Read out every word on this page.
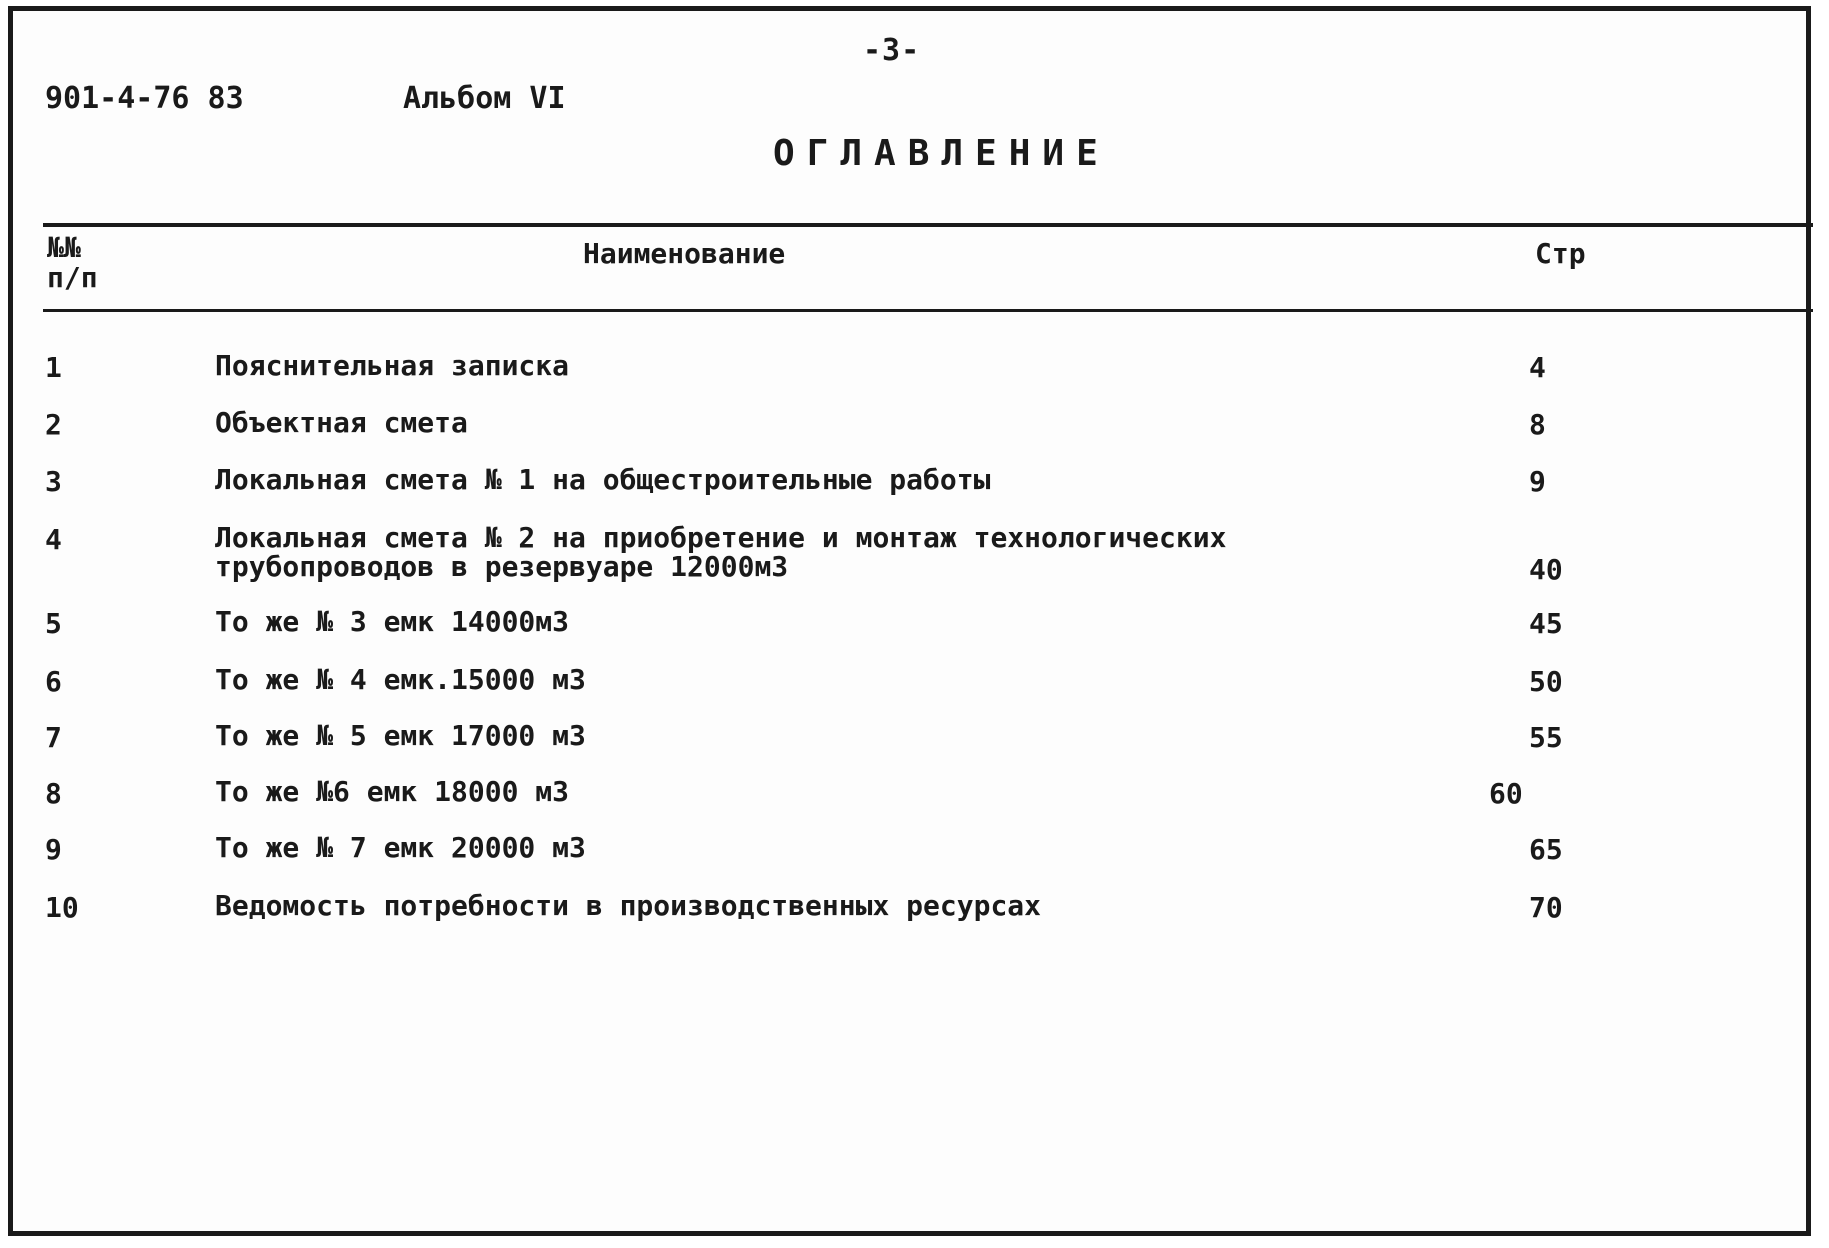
-3-
901-4-76 83	Альбом VI
ОГЛАВЛЕНИЕ
№№
п/п
Наименование	Стр
1	Пояснительная записка	4
2	Объектная смета	8
3	Локальная смета № 1 на общестроительные работы	9
4	Локальная смета № 2 на приобретение и монтаж технологических
трубопроводов в резервуаре 12000м3	40
5	То же № 3 емк 14000м3	45
6	То же № 4 емк.15000 м3	50
7	То же № 5 емк 17000 м3	55
8	То же №6 емк 18000 м3	60
9	То же № 7 емк 20000 м3	65
10	Ведомость потребности в производственных ресурсах	70
